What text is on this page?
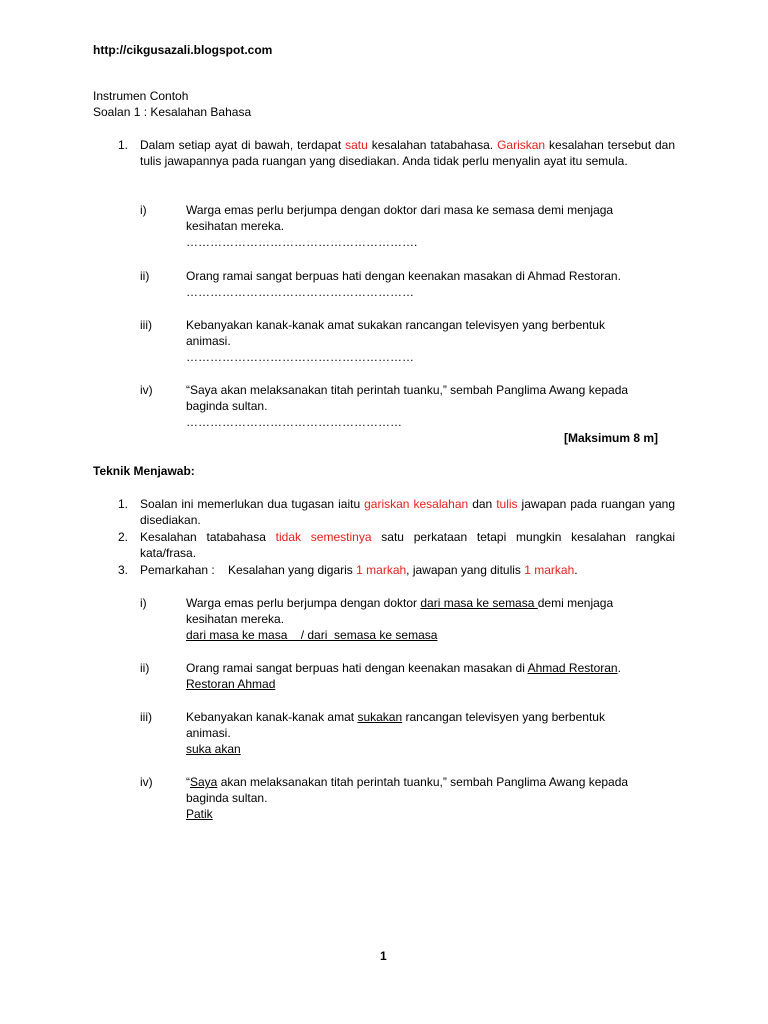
http://cikgusazali.blogspot.com
Instrumen Contoh
Soalan 1 : Kesalahan Bahasa
1. Dalam setiap ayat di bawah, terdapat satu kesalahan tatabahasa. Gariskan kesalahan tersebut dan tulis jawapannya pada ruangan yang disediakan. Anda tidak perlu menyalin ayat itu semula.
i)	Warga emas perlu berjumpa dengan doktor dari masa ke semasa demi menjaga
kesihatan mereka.
………………………………………………….
ii)	Orang ramai sangat berpuas hati dengan keenakan masakan di Ahmad Restoran.
…………………………………………………
iii)	Kebanyakan kanak-kanak amat sukakan rancangan televisyen yang berbentuk
animasi.
…………………………………………………
iv)	“Saya akan melaksanakan titah perintah tuanku,” sembah Panglima Awang kepada
baginda sultan.
………………………………………………
[Maksimum 8 m]
Teknik Menjawab:
1. Soalan ini memerlukan dua tugasan iaitu gariskan kesalahan dan tulis jawapan pada ruangan yang disediakan.
2. Kesalahan tatabahasa tidak semestinya satu perkataan tetapi mungkin kesalahan rangkai kata/frasa.
3. Pemarkahan :    Kesalahan yang digaris 1 markah, jawapan yang ditulis 1 markah.
i)	Warga emas perlu berjumpa dengan doktor dari masa ke semasa demi menjaga
kesihatan mereka.
dari masa ke masa    / dari  semasa ke semasa
ii)	Orang ramai sangat berpuas hati dengan keenakan masakan di Ahmad Restoran.
Restoran Ahmad
iii)	Kebanyakan kanak-kanak amat sukakan rancangan televisyen yang berbentuk
animasi.
suka akan
iv)	“Saya akan melaksanakan titah perintah tuanku,” sembah Panglima Awang kepada
baginda sultan.
Patik
1
